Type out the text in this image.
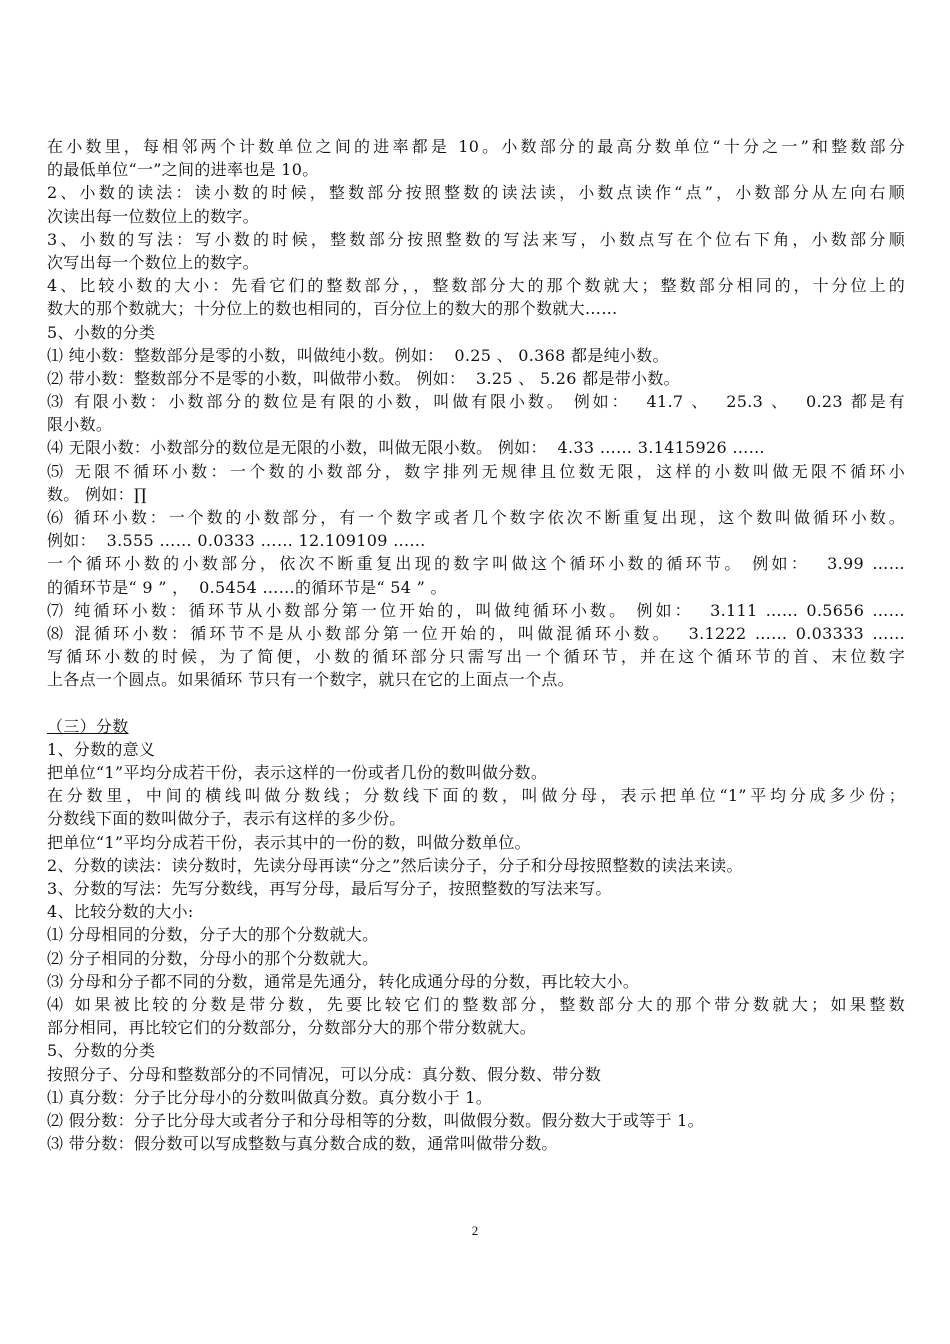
在小数里，每相邻两个计数单位之间的进率都是 10。小数部分的最高分数单位“十分之一”和整数部分
的最低单位“一”之间的进率也是 10。
2、小数的读法：读小数的时候，整数部分按照整数的读法读，小数点读作“点”，小数部分从左向右顺
次读出每一位数位上的数字。
3、小数的写法：写小数的时候，整数部分按照整数的写法来写，小数点写在个位右下角，小数部分顺
次写出每一个数位上的数字。
4、比较小数的大小：先看它们的整数部分，，整数部分大的那个数就大；整数部分相同的，十分位上的
数大的那个数就大；十分位上的数也相同的，百分位上的数大的那个数就大……
5、小数的分类
⑴ 纯小数：整数部分是零的小数，叫做纯小数。例如：  0.25 、 0.368 都是纯小数。
⑵ 带小数：整数部分不是零的小数，叫做带小数。 例如：  3.25 、 5.26 都是带小数。
⑶ 有限小数：小数部分的数位是有限的小数，叫做有限小数。 例如：  41.7 、  25.3 、  0.23 都是有
限小数。
⑷ 无限小数：小数部分的数位是无限的小数，叫做无限小数。 例如：  4.33 …… 3.1415926 ……
⑸ 无限不循环小数：一个数的小数部分，数字排列无规律且位数无限，这样的小数叫做无限不循环小
数。 例如：∏
⑹ 循环小数：一个数的小数部分，有一个数字或者几个数字依次不断重复出现，这个数叫做循环小数。
例如：  3.555 …… 0.0333 …… 12.109109 ……
一个循环小数的小数部分，依次不断重复出现的数字叫做这个循环小数的循环节。 例如：  3.99 ……
的循环节是“ 9 ” ，  0.5454 ……的循环节是“ 54 ” 。
⑺ 纯循环小数：循环节从小数部分第一位开始的，叫做纯循环小数。 例如：  3.111 …… 0.5656 ……
⑻ 混循环小数：循环节不是从小数部分第一位开始的，叫做混循环小数。  3.1222 …… 0.03333 ……
写循环小数的时候，为了简便，小数的循环部分只需写出一个循环节，并在这个循环节的首、末位数字
上各点一个圆点。如果循环 节只有一个数字，就只在它的上面点一个点。
（三）分数
1、分数的意义
把单位“1”平均分成若干份，表示这样的一份或者几份的数叫做分数。
在分数里，中间的横线叫做分数线；分数线下面的数，叫做分母，表示把单位“1”平均分成多少份；
分数线下面的数叫做分子，表示有这样的多少份。
把单位“1”平均分成若干份，表示其中的一份的数，叫做分数单位。
2、分数的读法：读分数时，先读分母再读“分之”然后读分子，分子和分母按照整数的读法来读。
3、分数的写法：先写分数线，再写分母，最后写分子，按照整数的写法来写。
4、比较分数的大小:
⑴ 分母相同的分数，分子大的那个分数就大。
⑵ 分子相同的分数，分母小的那个分数就大。
⑶ 分母和分子都不同的分数，通常是先通分，转化成通分母的分数，再比较大小。
⑷ 如果被比较的分数是带分数，先要比较它们的整数部分，整数部分大的那个带分数就大；如果整数
部分相同，再比较它们的分数部分，分数部分大的那个带分数就大。
5、分数的分类
按照分子、分母和整数部分的不同情况，可以分成：真分数、假分数、带分数
⑴ 真分数：分子比分母小的分数叫做真分数。真分数小于 1。
⑵ 假分数：分子比分母大或者分子和分母相等的分数，叫做假分数。假分数大于或等于 1。
⑶ 带分数：假分数可以写成整数与真分数合成的数，通常叫做带分数。
2
